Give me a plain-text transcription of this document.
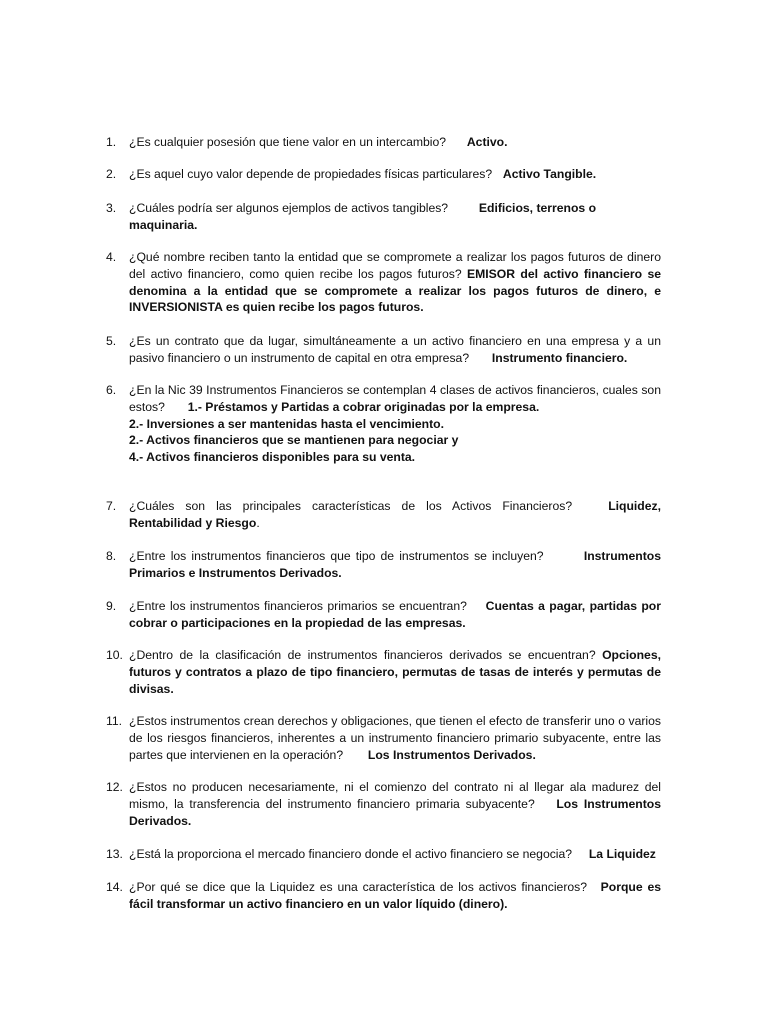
1.	¿Es cualquier posesión que tiene valor en un intercambio? Activo.
2.	¿Es aquel cuyo valor depende de propiedades físicas particulares? Activo Tangible.
3.	¿Cuáles podría ser algunos ejemplos de activos tangibles?	Edificios, terrenos o maquinaria.
4.	¿Qué nombre reciben tanto la entidad que se compromete a realizar los pagos futuros de dinero del activo financiero, como quien recibe los pagos futuros? EMISOR del activo financiero se denomina a la entidad que se compromete a realizar los pagos futuros de dinero, e INVERSIONISTA es quien recibe los pagos futuros.
5.	¿Es un contrato que da lugar, simultáneamente a un activo financiero en una empresa y a un pasivo financiero o un instrumento de capital en otra empresa? Instrumento financiero.
6.	¿En la Nic 39 Instrumentos Financieros se contemplan 4 clases de activos financieros, cuales son estos? 1.- Préstamos y Partidas a cobrar originadas por la empresa.
2.- Inversiones a ser mantenidas hasta el vencimiento.
2.- Activos financieros que se mantienen para negociar y
4.- Activos financieros disponibles para su venta.
7.	¿Cuáles son las principales características de los Activos Financieros?	Liquidez, Rentabilidad y Riesgo.
8.	¿Entre los instrumentos financieros que tipo de instrumentos se incluyen?	Instrumentos Primarios e Instrumentos Derivados.
9.	¿Entre los instrumentos financieros primarios se encuentran? Cuentas a pagar, partidas por cobrar o participaciones en la propiedad de las empresas.
10. ¿Dentro de la clasificación de instrumentos financieros derivados se encuentran? Opciones, futuros y contratos a plazo de tipo financiero, permutas de tasas de interés y permutas de divisas.
11. ¿Estos instrumentos crean derechos y obligaciones, que tienen el efecto de transferir uno o varios de los riesgos financieros, inherentes a un instrumento financiero primario subyacente, entre las partes que intervienen en la operación? Los Instrumentos Derivados.
12. ¿Estos no producen necesariamente, ni el comienzo del contrato ni al llegar ala madurez del mismo, la transferencia del instrumento financiero primaria subyacente? Los Instrumentos Derivados.
13. ¿Está la proporciona el mercado financiero donde el activo financiero se negocia? La Liquidez
14. ¿Por qué se dice que la Liquidez es una característica de los activos financieros? Porque es fácil transformar un activo financiero en un valor líquido (dinero).
